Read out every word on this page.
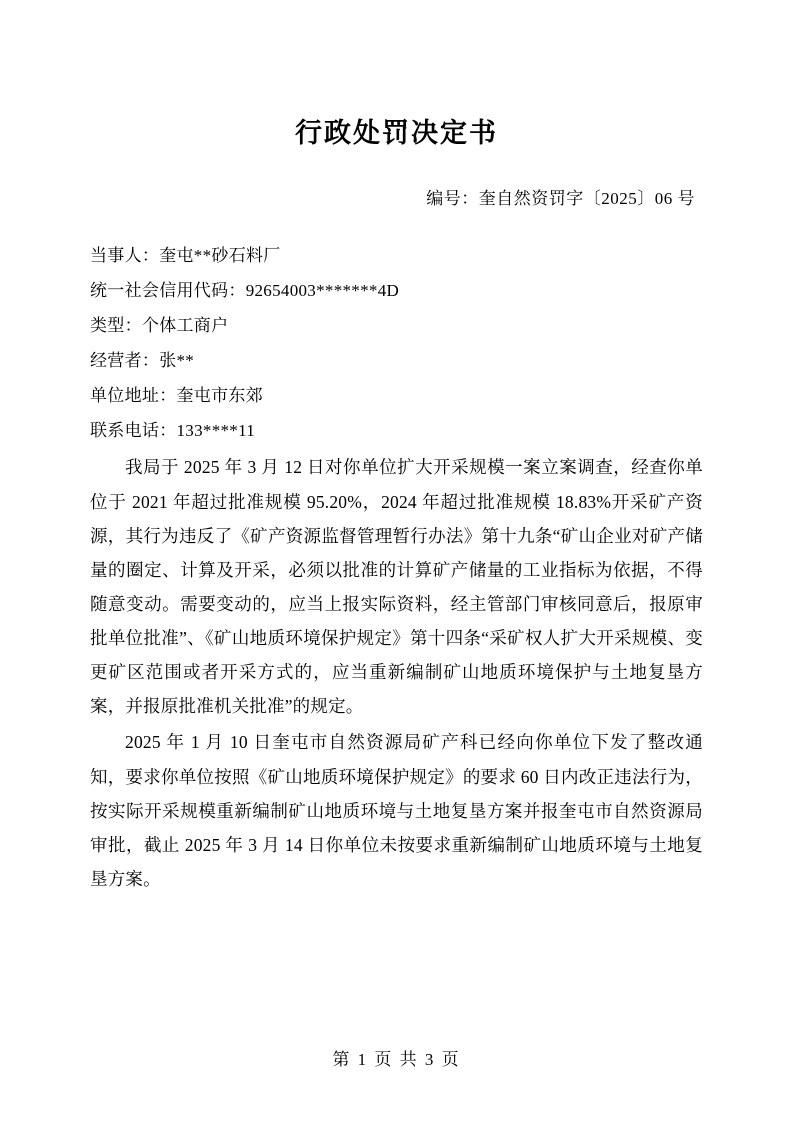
行政处罚决定书
编号：奎自然资罚字〔2025〕06 号
当事人：奎屯**砂石料厂
统一社会信用代码：92654003*******4D
类型：个体工商户
经营者：张**
单位地址：奎屯市东郊
联系电话：133****11

我局于 2025 年 3 月 12 日对你单位扩大开采规模一案立案调查，经查你单位于 2021 年超过批准规模 95.20%，2024 年超过批准规模 18.83%开采矿产资源，其行为违反了《矿产资源监督管理暂行办法》第十九条“矿山企业对矿产储量的圈定、计算及开采，必须以批准的计算矿产储量的工业指标为依据，不得随意变动。需要变动的，应当上报实际资料，经主管部门审核同意后，报原审批单位批准”、《矿山地质环境保护规定》第十四条“采矿权人扩大开采规模、变更矿区范围或者开采方式的，应当重新编制矿山地质环境保护与土地复垦方案，并报原批准机关批准”的规定。

2025 年 1 月 10 日奎屯市自然资源局矿产科已经向你单位下发了整改通知，要求你单位按照《矿山地质环境保护规定》的要求 60 日内改正违法行为，按实际开采规模重新编制矿山地质环境与土地复垦方案并报奎屯市自然资源局审批，截止 2025 年 3 月 14 日你单位未按要求重新编制矿山地质环境与土地复垦方案。

第 1 页 共 3 页
